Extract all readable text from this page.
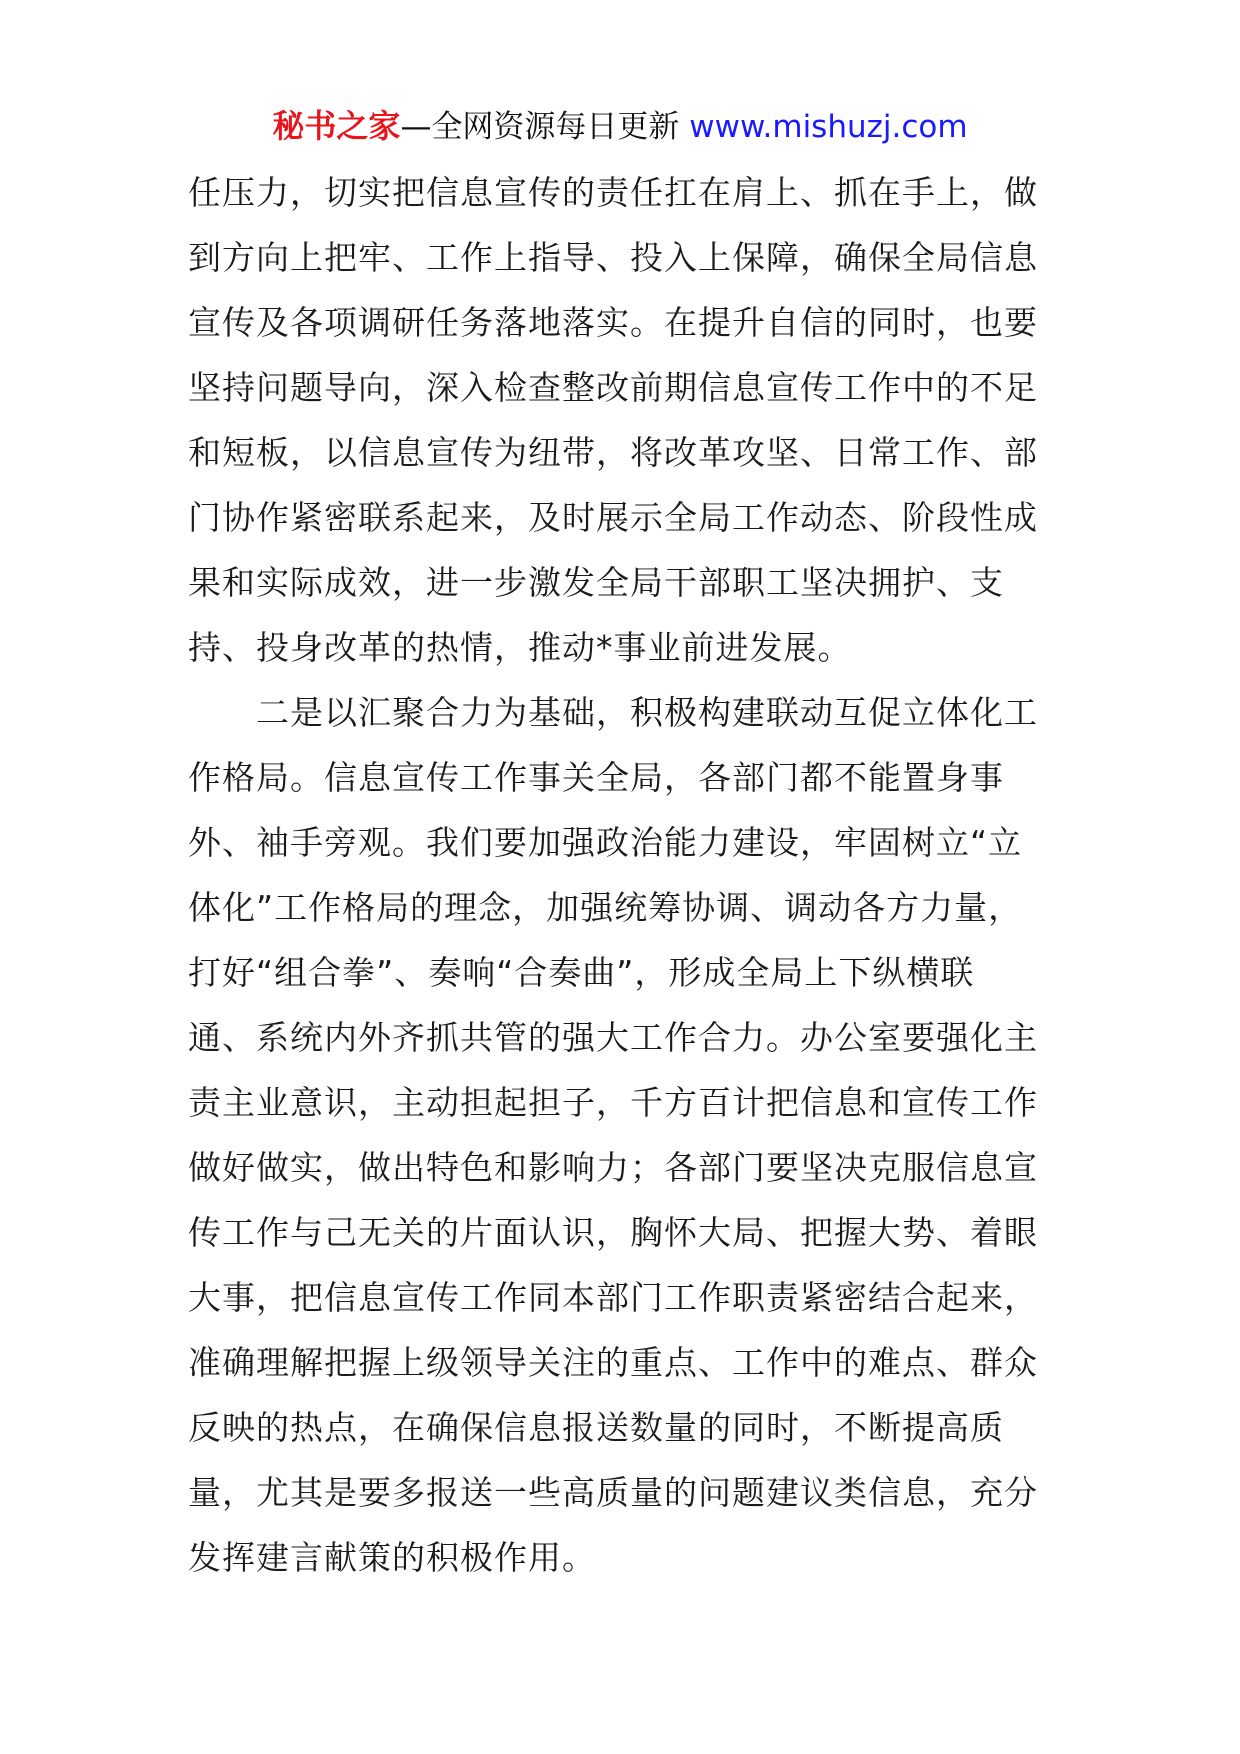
秘书之家—全网资源每日更新 www.mishuzj.com
任压力，切实把信息宣传的责任扛在肩上、抓在手上，做
到方向上把牢、工作上指导、投入上保障，确保全局信息
宣传及各项调研任务落地落实。在提升自信的同时，也要
坚持问题导向，深入检查整改前期信息宣传工作中的不足
和短板，以信息宣传为纽带，将改革攻坚、日常工作、部
门协作紧密联系起来，及时展示全局工作动态、阶段性成
果和实际成效，进一步激发全局干部职工坚决拥护、支
持、投身改革的热情，推动*事业前进发展。
二是以汇聚合力为基础，积极构建联动互促立体化工
作格局。信息宣传工作事关全局，各部门都不能置身事
外、袖手旁观。我们要加强政治能力建设，牢固树立“立
体化”工作格局的理念，加强统筹协调、调动各方力量，
打好“组合拳”、奏响“合奏曲”，形成全局上下纵横联
通、系统内外齐抓共管的强大工作合力。办公室要强化主
责主业意识，主动担起担子，千方百计把信息和宣传工作
做好做实，做出特色和影响力；各部门要坚决克服信息宣
传工作与己无关的片面认识，胸怀大局、把握大势、着眼
大事，把信息宣传工作同本部门工作职责紧密结合起来，
准确理解把握上级领导关注的重点、工作中的难点、群众
反映的热点，在确保信息报送数量的同时，不断提高质
量，尤其是要多报送一些高质量的问题建议类信息，充分
发挥建言献策的积极作用。
